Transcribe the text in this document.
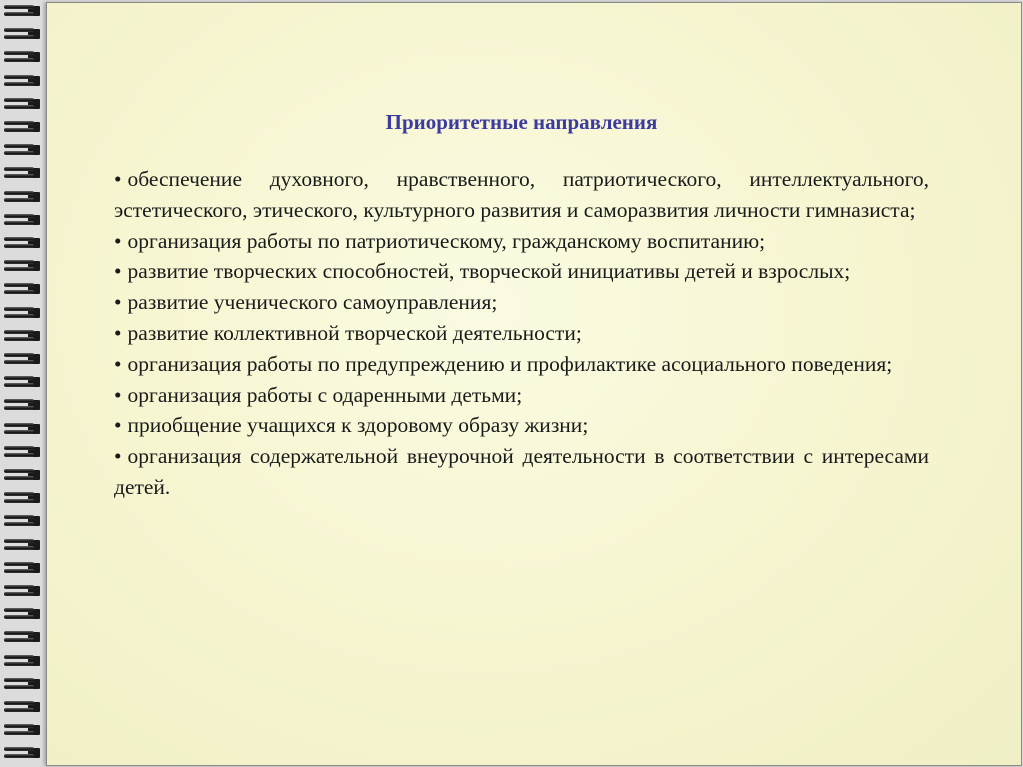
Приоритетные направления
• обеспечение духовного, нравственного, патриотического, интеллектуального, эстетического, этического, культурного развития и саморазвития личности гимназиста;
• организация работы по патриотическому, гражданскому воспитанию;
• развитие творческих способностей, творческой инициативы детей и взрослых;
• развитие ученического самоуправления;
• развитие коллективной творческой деятельности;
• организация работы по предупреждению и профилактике асоциального поведения;
• организация работы с одаренными детьми;
• приобщение учащихся к здоровому образу жизни;
• организация содержательной внеурочной деятельности в соответствии с интересами детей.
